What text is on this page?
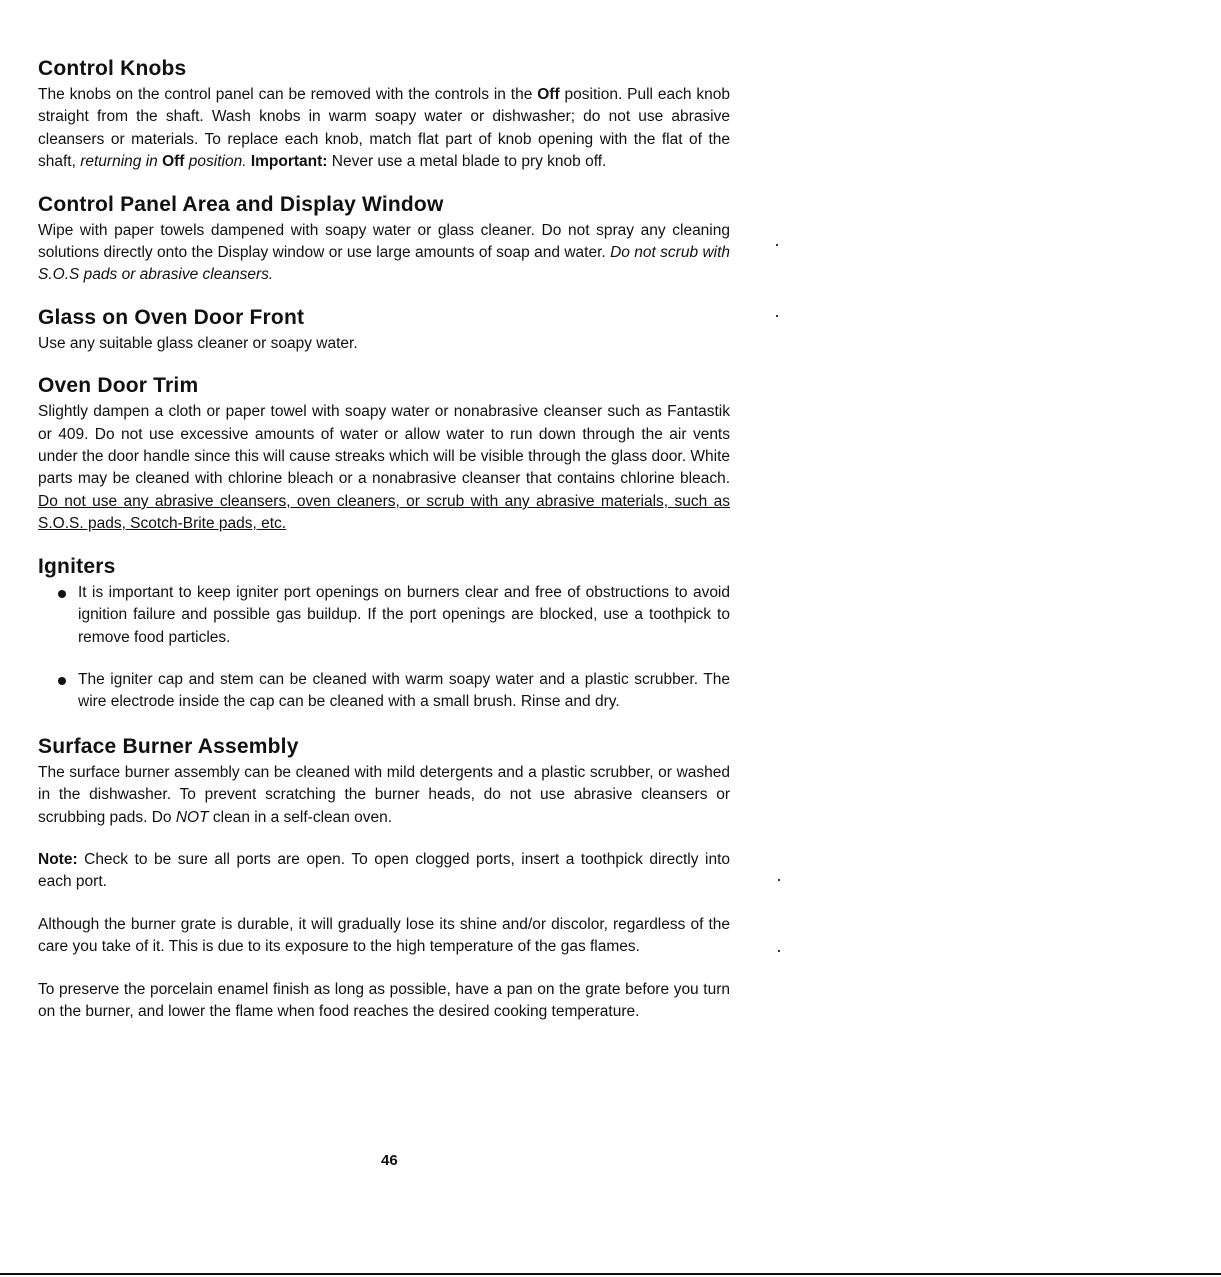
Control Knobs

The knobs on the control panel can be removed with the controls in the Off position. Pull each knob straight from the shaft. Wash knobs in warm soapy water or dishwasher; do not use abrasive cleansers or materials. To replace each knob, match flat part of knob opening with the flat of the shaft, returning in Off position. Important: Never use a metal blade to pry knob off.

Control Panel Area and Display Window

Wipe with paper towels dampened with soapy water or glass cleaner. Do not spray any cleaning solutions directly onto the Display window or use large amounts of soap and water. Do not scrub with S.O.S pads or abrasive cleansers.

Glass on Oven Door Front

Use any suitable glass cleaner or soapy water.

Oven Door Trim

Slightly dampen a cloth or paper towel with soapy water or nonabrasive cleanser such as Fantastik or 409. Do not use excessive amounts of water or allow water to run down through the air vents under the door handle since this will cause streaks which will be visible through the glass door. White parts may be cleaned with chlorine bleach or a nonabrasive cleanser that contains chlorine bleach. Do not use any abrasive cleansers, oven cleaners, or scrub with any abrasive materials, such as S.O.S. pads, Scotch-Brite pads, etc.

Igniters
It is important to keep igniter port openings on burners clear and free of obstructions to avoid ignition failure and possible gas buildup. If the port openings are blocked, use a toothpick to remove food particles.
The igniter cap and stem can be cleaned with warm soapy water and a plastic scrubber. The wire electrode inside the cap can be cleaned with a small brush. Rinse and dry.
Surface Burner Assembly

The surface burner assembly can be cleaned with mild detergents and a plastic scrubber, or washed in the dishwasher. To prevent scratching the burner heads, do not use abrasive cleansers or scrubbing pads. Do NOT clean in a self-clean oven.

Note: Check to be sure all ports are open. To open clogged ports, insert a toothpick directly into each port.

Although the burner grate is durable, it will gradually lose its shine and/or discolor, regardless of the care you take of it. This is due to its exposure to the high temperature of the gas flames.

To preserve the porcelain enamel finish as long as possible, have a pan on the grate before you turn on the burner, and lower the flame when food reaches the desired cooking temperature.

46
